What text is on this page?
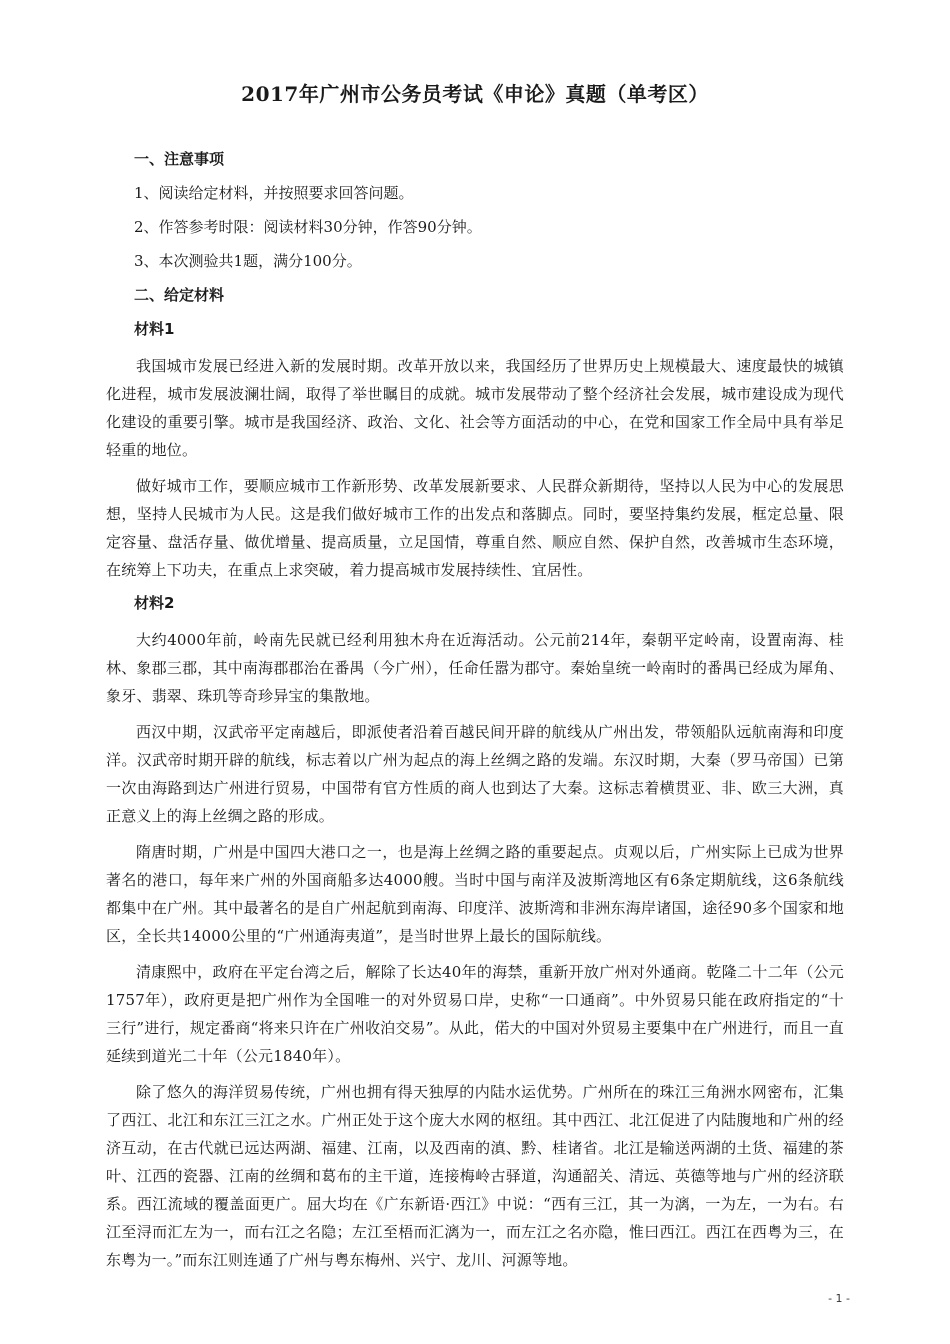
2017年广州市公务员考试《申论》真题（单考区）

一、注意事项

1、阅读给定材料，并按照要求回答问题。

2、作答参考时限：阅读材料30分钟，作答90分钟。

3、本次测验共1题，满分100分。

二、给定材料

材料1

我国城市发展已经进入新的发展时期。改革开放以来，我国经历了世界历史上规模最大、速度最快的城镇化进程，城市发展波澜壮阔，取得了举世瞩目的成就。城市发展带动了整个经济社会发展，城市建设成为现代化建设的重要引擎。城市是我国经济、政治、文化、社会等方面活动的中心，在党和国家工作全局中具有举足轻重的地位。

做好城市工作，要顺应城市工作新形势、改革发展新要求、人民群众新期待，坚持以人民为中心的发展思想，坚持人民城市为人民。这是我们做好城市工作的出发点和落脚点。同时，要坚持集约发展，框定总量、限定容量、盘活存量、做优增量、提高质量，立足国情，尊重自然、顺应自然、保护自然，改善城市生态环境，在统筹上下功夫，在重点上求突破，着力提高城市发展持续性、宜居性。

材料2

大约4000年前，岭南先民就已经利用独木舟在近海活动。公元前214年，秦朝平定岭南，设置南海、桂林、象郡三郡，其中南海郡郡治在番禺（今广州），任命任嚣为郡守。秦始皇统一岭南时的番禺已经成为犀角、象牙、翡翠、珠玑等奇珍异宝的集散地。

西汉中期，汉武帝平定南越后，即派使者沿着百越民间开辟的航线从广州出发，带领船队远航南海和印度洋。汉武帝时期开辟的航线，标志着以广州为起点的海上丝绸之路的发端。东汉时期，大秦（罗马帝国）已第一次由海路到达广州进行贸易，中国带有官方性质的商人也到达了大秦。这标志着横贯亚、非、欧三大洲，真正意义上的海上丝绸之路的形成。

隋唐时期，广州是中国四大港口之一，也是海上丝绸之路的重要起点。贞观以后，广州实际上已成为世界著名的港口，每年来广州的外国商船多达4000艘。当时中国与南洋及波斯湾地区有6条定期航线，这6条航线都集中在广州。其中最著名的是自广州起航到南海、印度洋、波斯湾和非洲东海岸诸国，途径90多个国家和地区，全长共14000公里的“广州通海夷道”，是当时世界上最长的国际航线。

清康熙中，政府在平定台湾之后，解除了长达40年的海禁，重新开放广州对外通商。乾隆二十二年（公元1757年），政府更是把广州作为全国唯一的对外贸易口岸，史称“一口通商”。中外贸易只能在政府指定的“十三行”进行，规定番商“将来只许在广州收泊交易”。从此，偌大的中国对外贸易主要集中在广州进行，而且一直延续到道光二十年（公元1840年）。

除了悠久的海洋贸易传统，广州也拥有得天独厚的内陆水运优势。广州所在的珠江三角洲水网密布，汇集了西江、北江和东江三江之水。广州正处于这个庞大水网的枢纽。其中西江、北江促进了内陆腹地和广州的经济互动，在古代就已远达两湖、福建、江南，以及西南的滇、黔、桂诸省。北江是输送两湖的土货、福建的茶叶、江西的瓷器、江南的丝绸和葛布的主干道，连接梅岭古驿道，沟通韶关、清远、英德等地与广州的经济联系。西江流域的覆盖面更广。屈大均在《广东新语·西江》中说：“西有三江，其一为漓，一为左，一为右。右江至浔而汇左为一，而右江之名隐；左江至梧而汇漓为一，而左江之名亦隐，惟曰西江。西江在西粤为三，在东粤为一。”而东江则连通了广州与粤东梅州、兴宁、龙川、河源等地。

- 1 -
